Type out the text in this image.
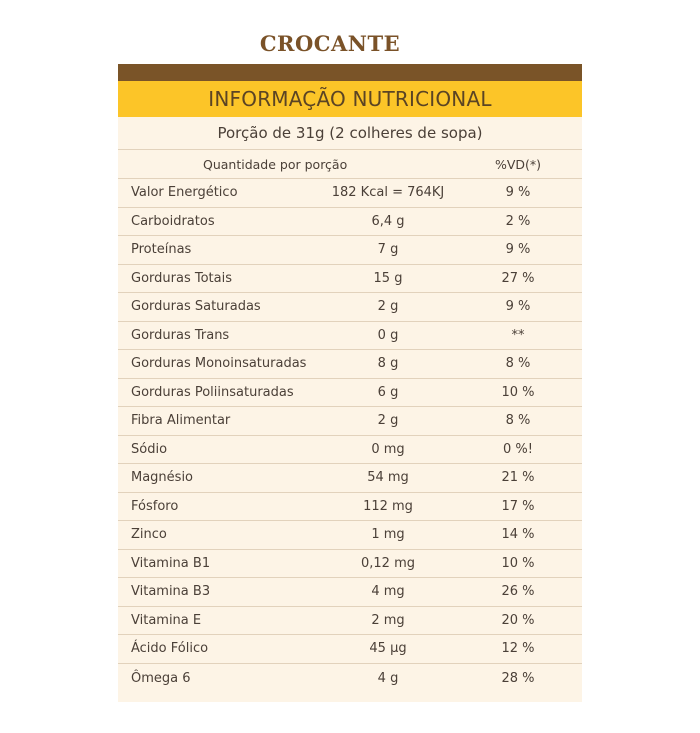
CROCANTE
INFORMAÇÃO NUTRICIONAL
Porção de 31g (2 colheres de sopa)
Quantidade por porção	%VD(*)
Valor Energético	182 Kcal = 764KJ	9 %
Carboidratos	6,4 g	2 %
Proteínas	7 g	9 %
Gorduras Totais	15 g	27 %
Gorduras Saturadas	2 g	9 %
Gorduras Trans	0 g	**
Gorduras Monoinsaturadas	8 g	8 %
Gorduras Poliinsaturadas	6 g	10 %
Fibra Alimentar	2 g	8 %
Sódio	0 mg	0 %!
Magnésio	54 mg	21 %
Fósforo	112 mg	17 %
Zinco	1 mg	14 %
Vitamina B1	0,12 mg	10 %
Vitamina B3	4 mg	26 %
Vitamina E	2 mg	20 %
Ácido Fólico	45 µg	12 %
Ômega 6	4 g	28 %
